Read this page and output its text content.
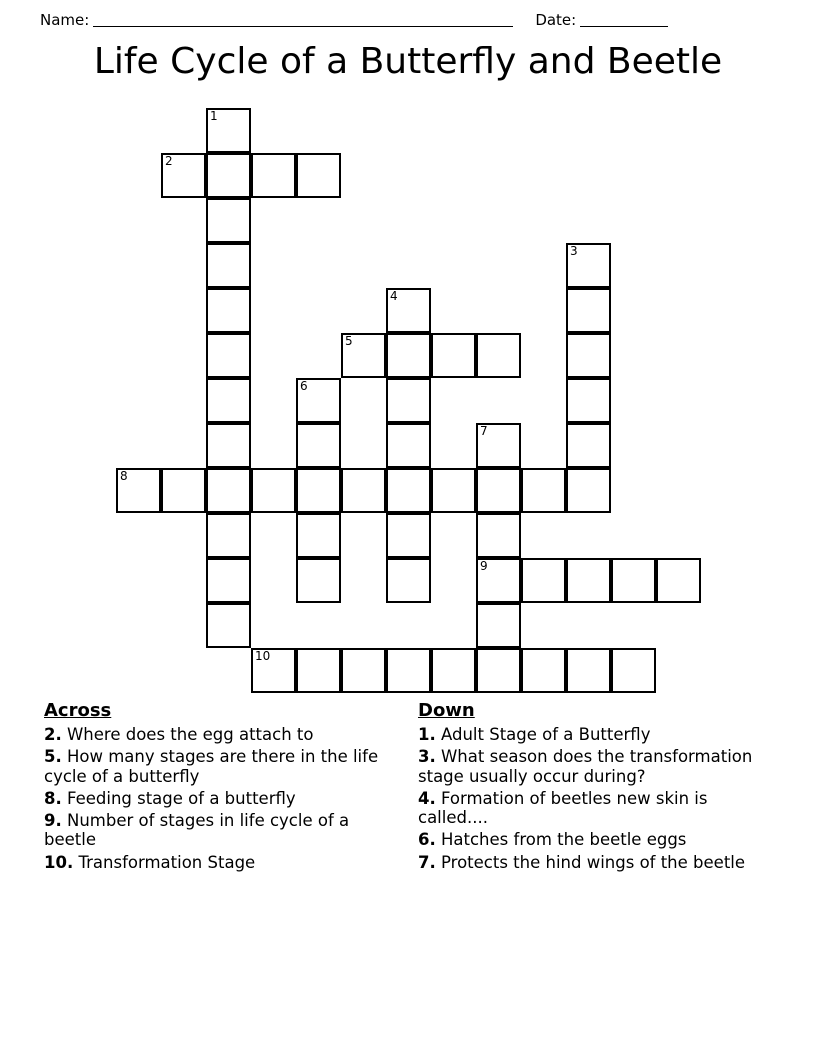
Name:	Date:
Life Cycle of a Butterfly and Beetle
1
2
3
4
5
6
7
8
9
10
Across
2. Where does the egg attach to
5. How many stages are there in the life cycle of a butterfly
8. Feeding stage of a butterfly
9. Number of stages in life cycle of a beetle
10. Transformation Stage
Down
1. Adult Stage of a Butterfly
3. What season does the transformation stage usually occur during?
4. Formation of beetles new skin is called....
6. Hatches from the beetle eggs
7. Protects the hind wings of the beetle
